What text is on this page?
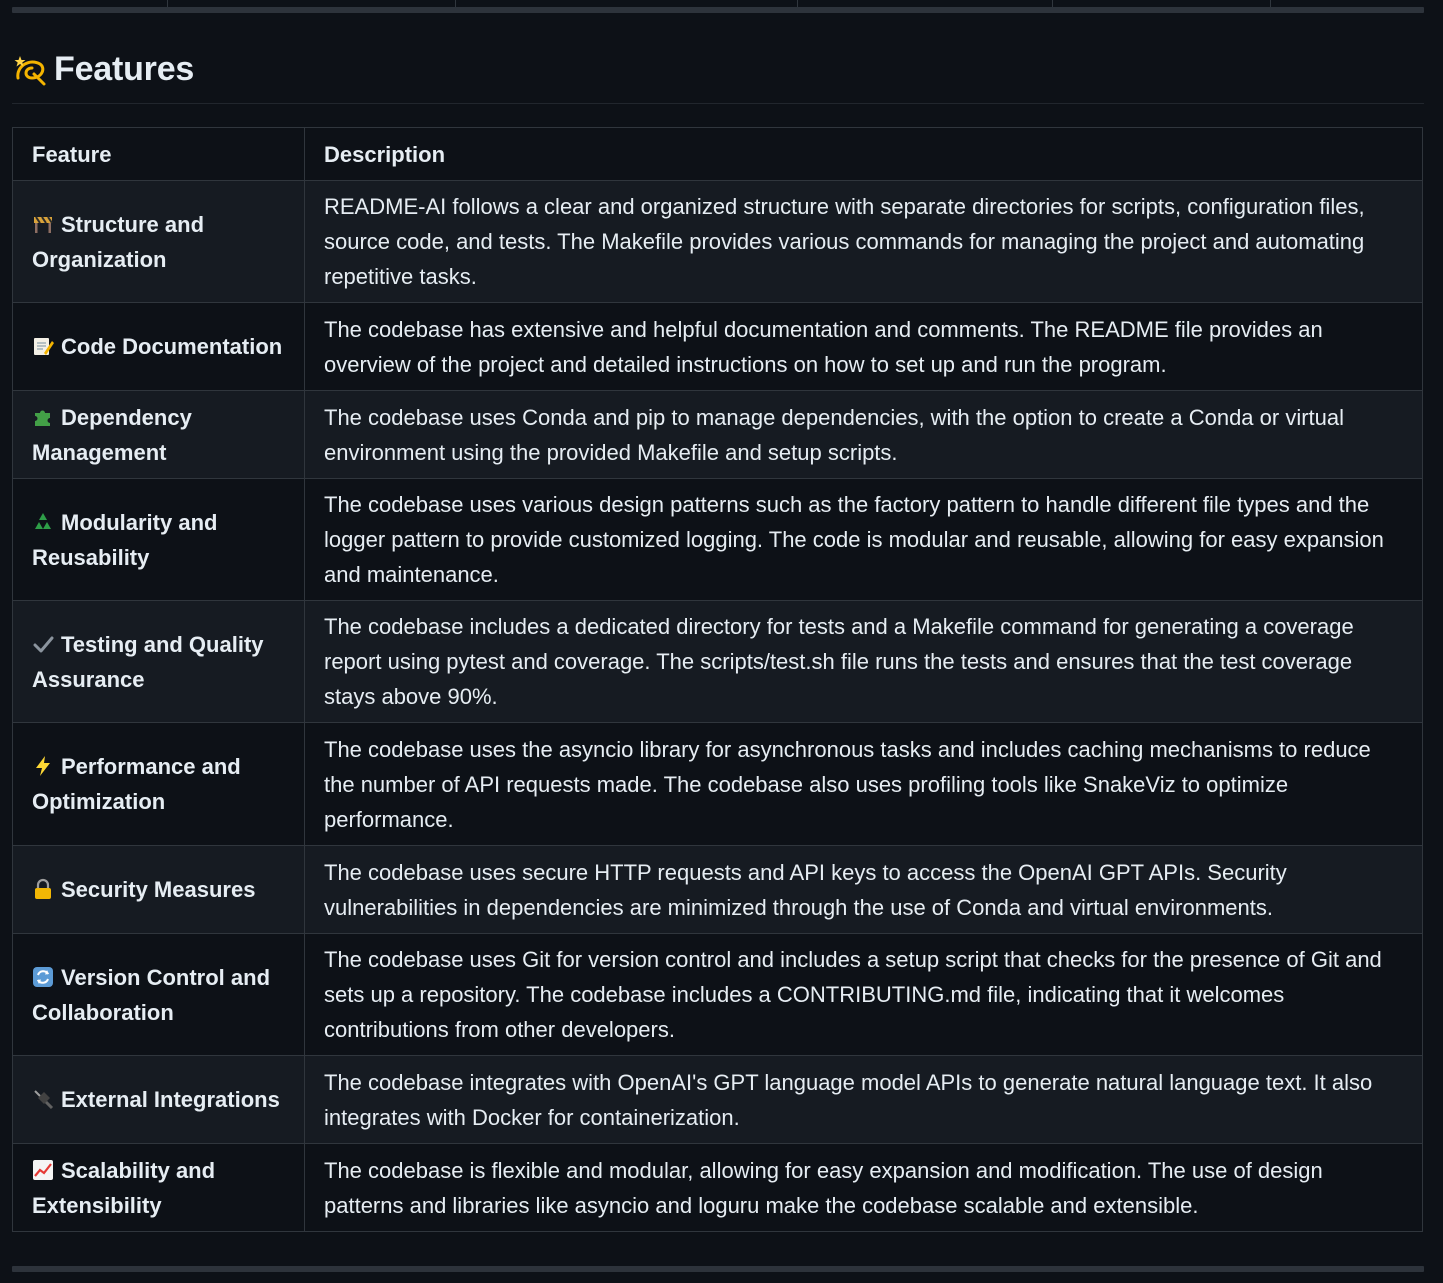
Features
Feature	Description
Structure and Organization	README-AI follows a clear and organized structure with separate directories for scripts, configuration files, source code, and tests. The Makefile provides various commands for managing the project and automating repetitive tasks.
Code Documentation	The codebase has extensive and helpful documentation and comments. The README file provides an overview of the project and detailed instructions on how to set up and run the program.
Dependency Management	The codebase uses Conda and pip to manage dependencies, with the option to create a Conda or virtual environment using the provided Makefile and setup scripts.
Modularity and Reusability	The codebase uses various design patterns such as the factory pattern to handle different file types and the logger pattern to provide customized logging. The code is modular and reusable, allowing for easy expansion and maintenance.
Testing and Quality Assurance	The codebase includes a dedicated directory for tests and a Makefile command for generating a coverage report using pytest and coverage. The scripts/test.sh file runs the tests and ensures that the test coverage stays above 90%.
Performance and Optimization	The codebase uses the asyncio library for asynchronous tasks and includes caching mechanisms to reduce the number of API requests made. The codebase also uses profiling tools like SnakeViz to optimize performance.
Security Measures	The codebase uses secure HTTP requests and API keys to access the OpenAI GPT APIs. Security vulnerabilities in dependencies are minimized through the use of Conda and virtual environments.
Version Control and Collaboration	The codebase uses Git for version control and includes a setup script that checks for the presence of Git and sets up a repository. The codebase includes a CONTRIBUTING.md file, indicating that it welcomes contributions from other developers.
External Integrations	The codebase integrates with OpenAI's GPT language model APIs to generate natural language text. It also integrates with Docker for containerization.
Scalability and Extensibility	The codebase is flexible and modular, allowing for easy expansion and modification. The use of design patterns and libraries like asyncio and loguru make the codebase scalable and extensible.
